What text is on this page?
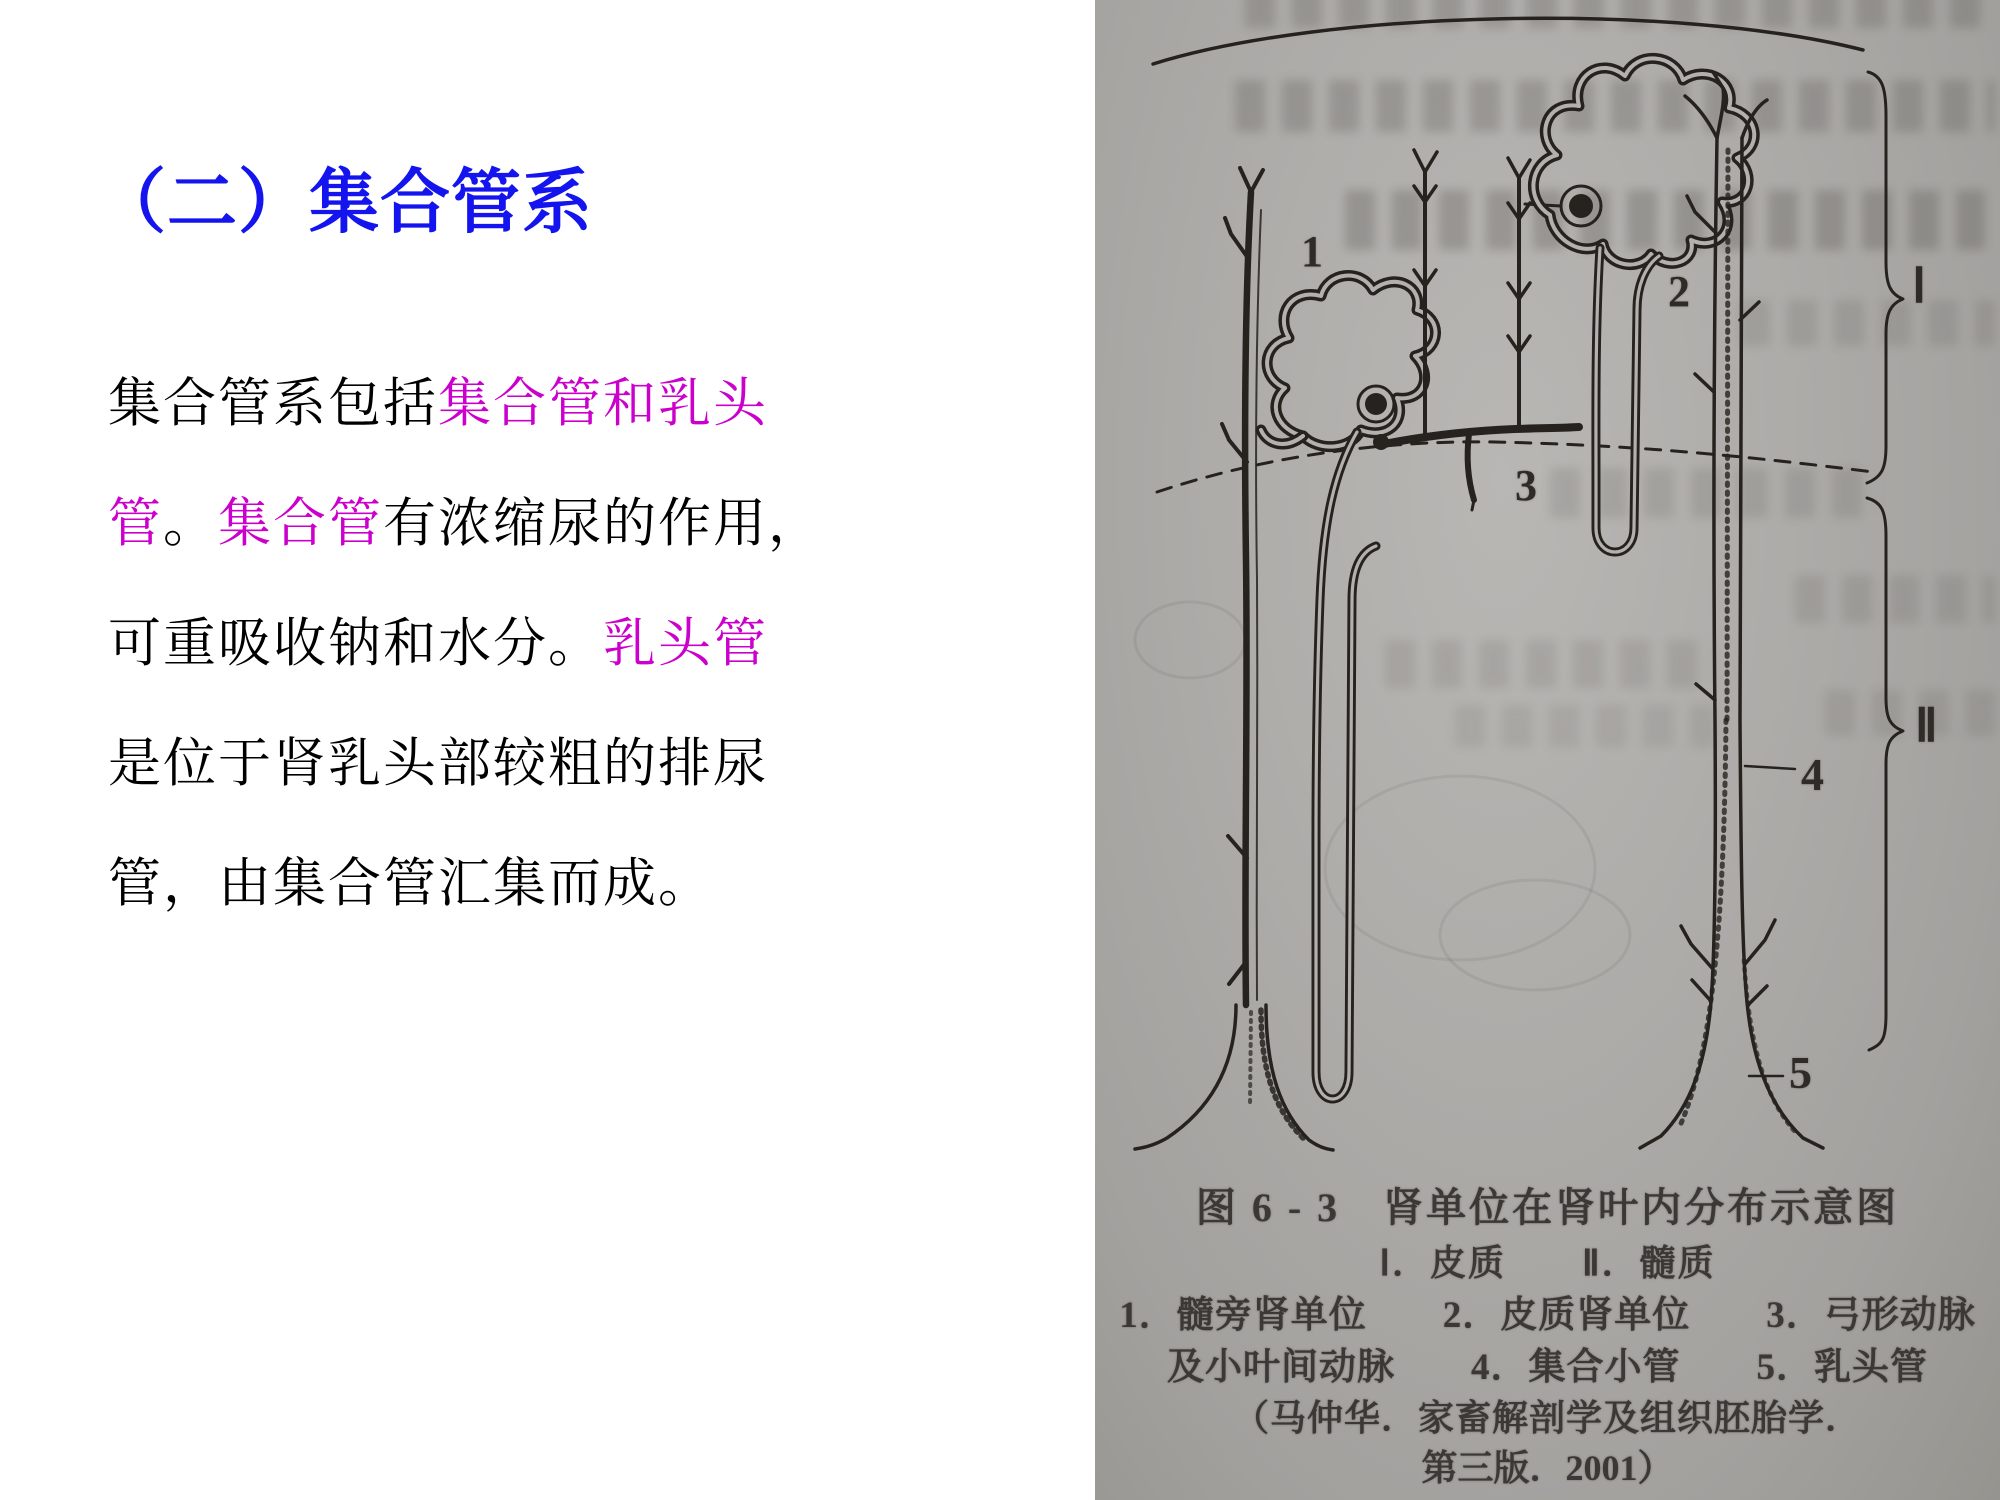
（二）集合管系
集合管系包括集合管和乳头
管。集合管有浓缩尿的作用，
可重吸收钠和水分。乳头管
是位于肾乳头部较粗的排尿
管，由集合管汇集而成。
1
2
3
4
5
Ⅰ
Ⅱ
图 6 - 3　肾单位在肾叶内分布示意图
Ⅰ．皮质　　Ⅱ．髓质
1．髓旁肾单位　　2．皮质肾单位　　3．弓形动脉
及小叶间动脉　　4．集合小管　　5．乳头管
（马仲华．家畜解剖学及组织胚胎学．
第三版．2001）
